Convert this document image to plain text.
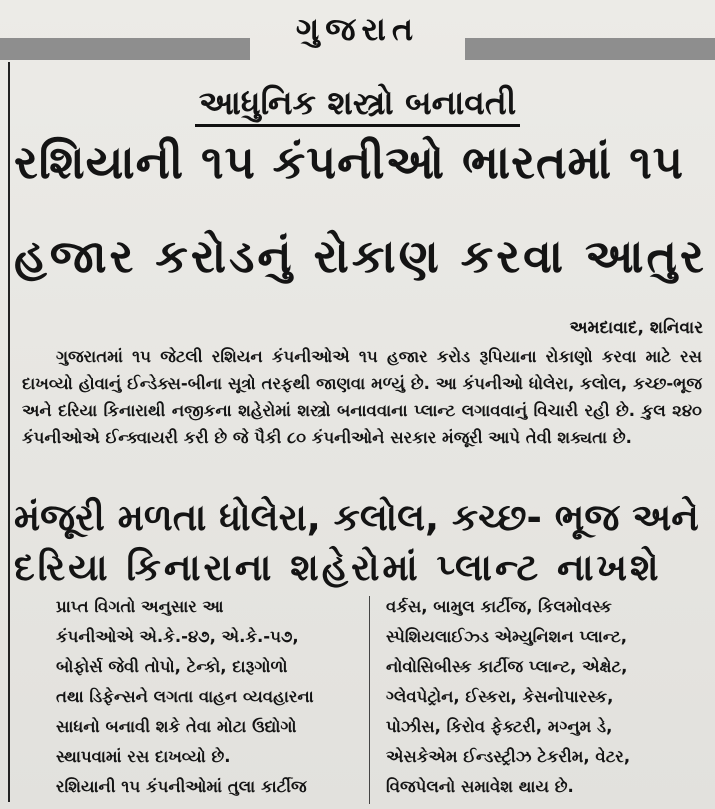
ગુજરાત
આધુનિક શસ્ત્રો બનાવતી
રશિયાની ૧૫ કંપનીઓ ભારતમાં ૧૫
હજાર કરોડનું રોકાણ કરવા આતુર
અમદાવાદ, શનિવાર

ગુજરાતમાં ૧૫ જેટલી રશિયન કંપનીઓએ ૧૫ હજાર કરોડ રૂપિયાના રોકાણો કરવા માટે રસ દાખવ્યો હોવાનું ઈન્ડેક્સ-બીના સૂત્રો તરફથી જાણવા મળ્યું છે. આ કંપનીઓ ધોલેરા, કલોલ, કચ્છ-ભૂજ અને દરિયા કિનારાથી નજીકના શહેરોમાં શસ્ત્રો બનાવવાના પ્લાન્ટ લગાવવાનું વિચારી રહી છે. કુલ ૨૪૦ કંપનીઓએ ઈન્ક્વાયરી કરી છે જે પૈકી ૮૦ કંપનીઓને સરકાર મંજૂરી આપે તેવી શક્યતા છે.

મંજૂરી મળતા ધોલેરા, કલોલ, કચ્છ- ભૂજ અને
દરિયા કિનારાના શહેરોમાં પ્લાન્ટ નાખશે
પ્રાપ્ત વિગતો અનુસાર આ
કંપનીઓએ એ.કે.-૪૭, એ.કે.-૫૭,
બોફોર્સ જેવી તોપો, ટેન્કો, દારૂગોળો
તથા ડિફેન્સને લગતા વાહન વ્યવહારના
સાધનો બનાવી શકે તેવા મોટા ઉદ્યોગો
સ્થાપવામાં રસ દાખવ્યો છે.
રશિયાની ૧૫ કંપનીઓમાં તુલા કાર્ટીજ
વર્કસ, બામુલ કાર્ટીજ, કિલમોવસ્ક
સ્પેશિયલાઈઝ્ડ એમ્યુનિશન પ્લાન્ટ,
નોવોસિબીસ્ક કાર્ટીજ પ્લાન્ટ, એક્ષેટ,
ગ્લેવપેટ્રોન, ઈસ્કરા, કેસનોપારસ્ક,
પોઝીસ, કિરોવ ફેક્ટરી, મગ્નુમ ડે,
એસકેએમ ઈન્ડસ્ટ્રીઝ ટેકરીમ, વેટર,
વિજપેલનો સમાવેશ થાય છે.
